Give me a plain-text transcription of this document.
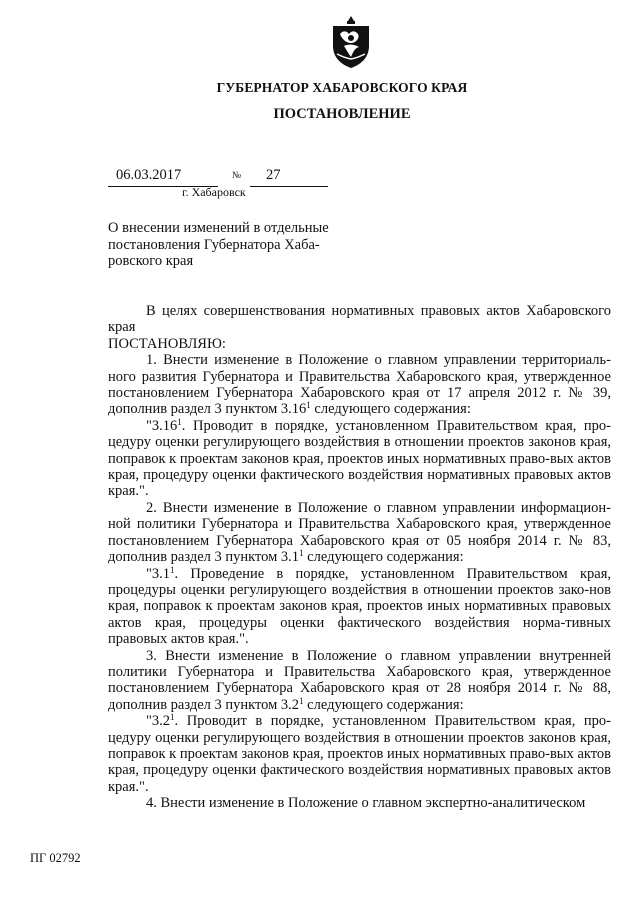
ГУБЕРНАТОР ХАБАРОВСКОГО КРАЯ
ПОСТАНОВЛЕНИЕ
06.03.2017	№	27
г. Хабаровск
О внесении изменений в отдельные постановления Губернатора Хаба-ровского края

В целях совершенствования нормативных правовых актов Хабаровского края

ПОСТАНОВЛЯЮ:

1. Внести изменение в Положение о главном управлении территориаль-ного развития Губернатора и Правительства Хабаровского края, утвержденное постановлением Губернатора Хабаровского края от 17 апреля 2012 г. № 39, дополнив раздел 3 пунктом 3.16$^1$ следующего содержания:

"3.16$^1$. Проводит в порядке, установленном Правительством края, про-цедуру оценки регулирующего воздействия в отношении проектов законов края, поправок к проектам законов края, проектов иных нормативных право-вых актов края, процедуру оценки фактического воздействия нормативных правовых актов края.".

2. Внести изменение в Положение о главном управлении информацион-ной политики Губернатора и Правительства Хабаровского края, утвержденное постановлением Губернатора Хабаровского края от 05 ноября 2014 г. № 83, дополнив раздел 3 пунктом $3.1^1$ следующего содержания:

"$3.1^1$. Проведение в порядке, установленном Правительством края, процедуры оценки регулирующего воздействия в отношении проектов зако-нов края, поправок к проектам законов края, проектов иных нормативных правовых актов края, процедуры оценки фактического воздействия норма-тивных правовых актов края.".

3. Внести изменение в Положение о главном управлении внутренней политики Губернатора и Правительства Хабаровского края, утвержденное постановлением Губернатора Хабаровского края от 28 ноября 2014 г. № 88, дополнив раздел 3 пунктом $3.2^1$ следующего содержания:

"$3.2^1$. Проводит в порядке, установленном Правительством края, про-цедуру оценки регулирующего воздействия в отношении проектов законов края, поправок к проектам законов края, проектов иных нормативных право-вых актов края, процедуру оценки фактического воздействия нормативных правовых актов края.".

4. Внести изменение в Положение о главном экспертно-аналитическом

ПГ 02792
